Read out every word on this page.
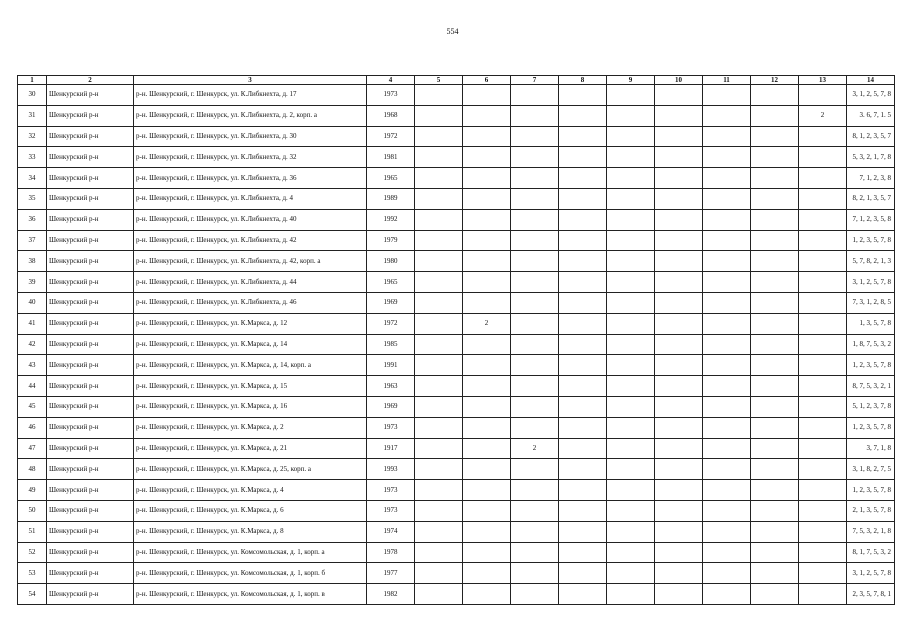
554
1	2	3	4	5	6	7	8	9	10	11	12	13	14
30	Шенкурский р-н	р-н. Шенкурский, г. Шенкурск, ул. К.Либкнехта, д. 17	1973										3, 1, 2, 5, 7, 8
31	Шенкурский р-н	р-н. Шенкурский, г. Шенкурск, ул. К.Либкнехта, д. 2, корп. а	1968									2	3. 6, 7, 1. 5
32	Шенкурский р-н	р-н. Шенкурский, г. Шенкурск, ул. К.Либкнехта, д. 30	1972										8, 1, 2, 3, 5, 7
33	Шенкурский р-н	р-н. Шенкурский, г. Шенкурск, ул. К.Либкнехта, д. 32	1981										5, 3, 2, 1, 7, 8
34	Шенкурский р-н	р-н. Шенкурский, г. Шенкурск, ул. К.Либкнехта, д. 36	1965										7, 1, 2, 3, 8
35	Шенкурский р-н	р-н. Шенкурский, г. Шенкурск, ул. К.Либкнехта, д. 4	1989										8, 2, 1, 3, 5, 7
36	Шенкурский р-н	р-н. Шенкурский, г. Шенкурск, ул. К.Либкнехта, д. 40	1992										7, 1, 2, 3, 5, 8
37	Шенкурский р-н	р-н. Шенкурский, г. Шенкурск, ул. К.Либкнехта, д. 42	1979										1, 2, 3, 5, 7, 8
38	Шенкурский р-н	р-н. Шенкурский, г. Шенкурск, ул. К.Либкнехта, д. 42, корп. а	1980										5, 7, 8, 2, 1, 3
39	Шенкурский р-н	р-н. Шенкурский, г. Шенкурск, ул. К.Либкнехта, д. 44	1965										3, 1, 2, 5, 7, 8
40	Шенкурский р-н	р-н. Шенкурский, г. Шенкурск, ул. К.Либкнехта, д. 46	1969										7, 3, 1, 2, 8, 5
41	Шенкурский р-н	р-н. Шенкурский, г. Шенкурск, ул. К.Маркса, д. 12	1972		2								1, 3, 5, 7, 8
42	Шенкурский р-н	р-н. Шенкурский, г. Шенкурск, ул. К.Маркса, д. 14	1985										1, 8, 7, 5, 3, 2
43	Шенкурский р-н	р-н. Шенкурский, г. Шенкурск, ул. К.Маркса, д. 14, корп. а	1991										1, 2, 3, 5, 7, 8
44	Шенкурский р-н	р-н. Шенкурский, г. Шенкурск, ул. К.Маркса, д. 15	1963										8, 7, 5, 3, 2, 1
45	Шенкурский р-н	р-н. Шенкурский, г. Шенкурск, ул. К.Маркса, д. 16	1969										5, 1, 2, 3, 7, 8
46	Шенкурский р-н	р-н. Шенкурский, г. Шенкурск, ул. К.Маркса, д. 2	1973										1, 2, 3, 5, 7, 8
47	Шенкурский р-н	р-н. Шенкурский, г. Шенкурск, ул. К.Маркса, д. 21	1917			2							3, 7, 1, 8
48	Шенкурский р-н	р-н. Шенкурский, г. Шенкурск, ул. К.Маркса, д. 25, корп. а	1993										3, 1, 8, 2, 7, 5
49	Шенкурский р-н	р-н. Шенкурский, г. Шенкурск, ул. К.Маркса, д. 4	1973										1, 2, 3, 5, 7, 8
50	Шенкурский р-н	р-н. Шенкурский, г. Шенкурск, ул. К.Маркса, д. 6	1973										2, 1, 3, 5, 7, 8
51	Шенкурский р-н	р-н. Шенкурский, г. Шенкурск, ул. К.Маркса, д. 8	1974										7, 5, 3, 2, 1, 8
52	Шенкурский р-н	р-н. Шенкурский, г. Шенкурск, ул. Комсомольская, д. 1, корп. а	1978										8, 1, 7, 5, 3, 2
53	Шенкурский р-н	р-н. Шенкурский, г. Шенкурск, ул. Комсомольская, д. 1, корп. б	1977										3, 1, 2, 5, 7, 8
54	Шенкурский р-н	р-н. Шенкурский, г. Шенкурск, ул. Комсомольская, д. 1, корп. в	1982										2, 3, 5, 7, 8, 1
